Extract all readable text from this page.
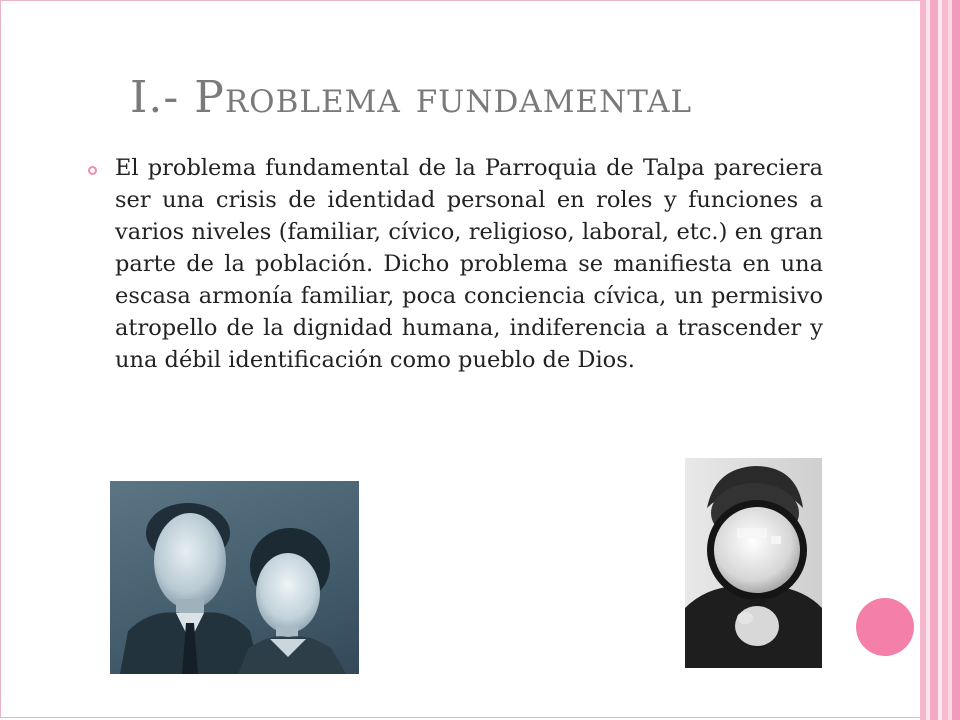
I.- Problema fundamental

El problema fundamental de la Parroquia de Talpa pareciera ser una crisis de identidad personal en roles y funciones a varios niveles (familiar, cívico, religioso, laboral, etc.) en gran parte de la población. Dicho problema se manifiesta en una escasa armonía familiar, poca conciencia cívica, un permisivo atropello de la dignidad humana, indiferencia a trascender y una débil identificación como pueblo de Dios.
